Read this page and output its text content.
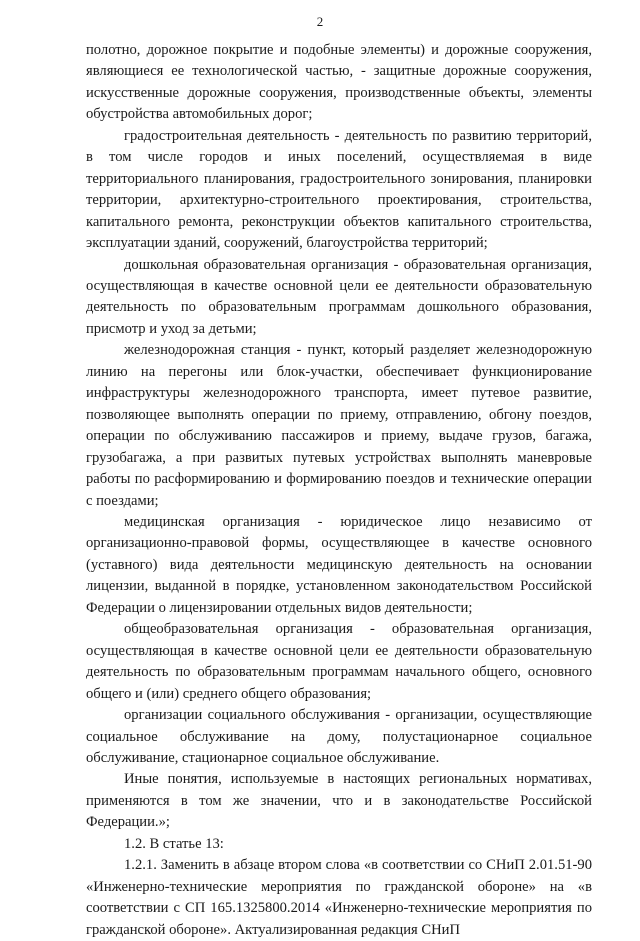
2

полотно, дорожное покрытие и подобные элементы) и дорожные сооружения, являющиеся ее технологической частью, - защитные дорожные сооружения, искусственные дорожные сооружения, производственные объекты, элементы обустройства автомобильных дорог;

градостроительная деятельность - деятельность по развитию территорий, в том числе городов и иных поселений, осуществляемая в виде территориального планирования, градостроительного зонирования, планировки территории, архитектурно-строительного проектирования, строительства, капитального ремонта, реконструкции объектов капитального строительства, эксплуатации зданий, сооружений, благоустройства территорий;

дошкольная образовательная организация - образовательная организация, осуществляющая в качестве основной цели ее деятельности образовательную деятельность по образовательным программам дошкольного образования, присмотр и уход за детьми;

железнодорожная станция - пункт, который разделяет железнодорожную линию на перегоны или блок-участки, обеспечивает функционирование инфраструктуры железнодорожного транспорта, имеет путевое развитие, позволяющее выполнять операции по приему, отправлению, обгону поездов, операции по обслуживанию пассажиров и приему, выдаче грузов, багажа, грузобагажа, а при развитых путевых устройствах выполнять маневровые работы по расформированию и формированию поездов и технические операции с поездами;

медицинская организация - юридическое лицо независимо от организационно-правовой формы, осуществляющее в качестве основного (уставного) вида деятельности медицинскую деятельность на основании лицензии, выданной в порядке, установленном законодательством Российской Федерации о лицензировании отдельных видов деятельности;

общеобразовательная организация - образовательная организация, осуществляющая в качестве основной цели ее деятельности образовательную деятельность по образовательным программам начального общего, основного общего и (или) среднего общего образования;

организации социального обслуживания - организации, осуществляющие социальное обслуживание на дому, полустационарное социальное обслуживание, стационарное социальное обслуживание.

Иные понятия, используемые в настоящих региональных нормативах, применяются в том же значении, что и в законодательстве Российской Федерации.»;

1.2. В статье 13:

1.2.1. Заменить в абзаце втором слова «в соответствии со СНиП 2.01.51-90 «Инженерно-технические мероприятия по гражданской обороне» на «в соответствии с СП 165.1325800.2014 «Инженерно-технические мероприятия по гражданской обороне». Актуализированная редакция СНиП
